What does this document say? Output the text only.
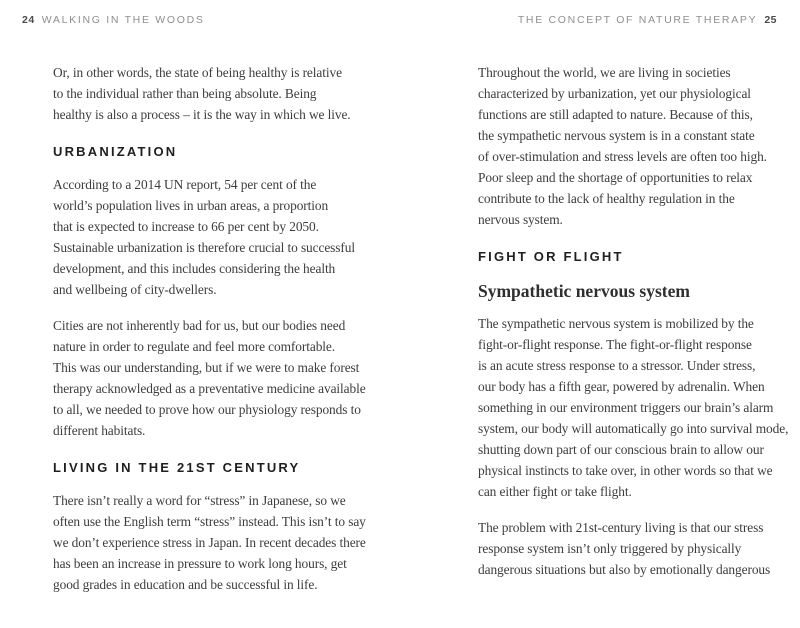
24 WALKING IN THE WOODS	THE CONCEPT OF NATURE THERAPY 25

Or, in other words, the state of being healthy is relative
to the individual rather than being absolute. Being
healthy is also a process – it is the way in which we live.

URBANIZATION

According to a 2014 UN report, 54 per cent of the
world’s population lives in urban areas, a proportion
that is expected to increase to 66 per cent by 2050.
Sustainable urbanization is therefore crucial to successful
development, and this includes considering the health
and wellbeing of city-dwellers.

Cities are not inherently bad for us, but our bodies need
nature in order to regulate and feel more comfortable.
This was our understanding, but if we were to make forest
therapy acknowledged as a preventative medicine available
to all, we needed to prove how our physiology responds to
different habitats.

LIVING IN THE 21ST CENTURY

There isn’t really a word for “stress” in Japanese, so we
often use the English term “stress” instead. This isn’t to say
we don’t experience stress in Japan. In recent decades there
has been an increase in pressure to work long hours, get
good grades in education and be successful in life.

Throughout the world, we are living in societies
characterized by urbanization, yet our physiological
functions are still adapted to nature. Because of this,
the sympathetic nervous system is in a constant state
of over-stimulation and stress levels are often too high.
Poor sleep and the shortage of opportunities to relax
contribute to the lack of healthy regulation in the
nervous system.

FIGHT OR FLIGHT
Sympathetic nervous system

The sympathetic nervous system is mobilized by the
fight-or-flight response. The fight-or-flight response
is an acute stress response to a stressor. Under stress,
our body has a fifth gear, powered by adrenalin. When
something in our environment triggers our brain’s alarm
system, our body will automatically go into survival mode,
shutting down part of our conscious brain to allow our
physical instincts to take over, in other words so that we
can either fight or take flight.

The problem with 21st-century living is that our stress
response system isn’t only triggered by physically
dangerous situations but also by emotionally dangerous
